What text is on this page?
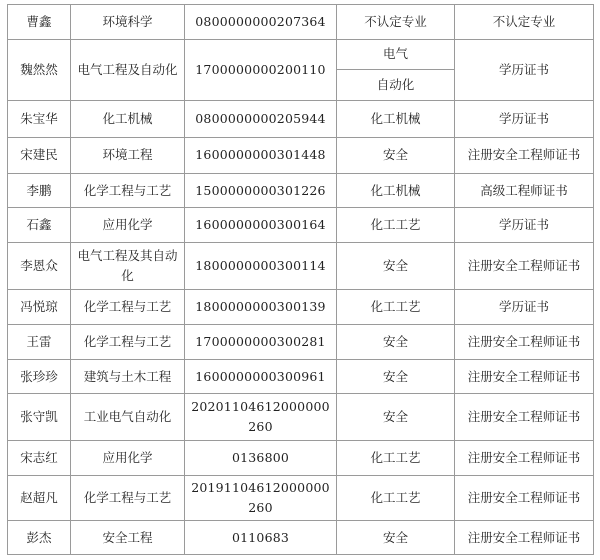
曹鑫	环境科学	0800000000207364	不认定专业	不认定专业
魏然然	电气工程及自动化	1700000000200110	电气	学历证书
			自动化	
朱宝华	化工机械	0800000000205944	化工机械	学历证书
宋建民	环境工程	1600000000301448	安全	注册安全工程师证书
李鹏	化学工程与工艺	1500000000301226	化工机械	高级工程师证书
石鑫	应用化学	1600000000300164	化工工艺	学历证书
李恩众	电气工程及其自动化	1800000000300114	安全	注册安全工程师证书
冯悦琼	化学工程与工艺	1800000000300139	化工工艺	学历证书
王雷	化学工程与工艺	1700000000300281	安全	注册安全工程师证书
张珍珍	建筑与土木工程	1600000000300961	安全	注册安全工程师证书
张守凯	工业电气自动化	20201104612000000260	安全	注册安全工程师证书
宋志红	应用化学	0136800	化工工艺	注册安全工程师证书
赵超凡	化学工程与工艺	20191104612000000260	化工工艺	注册安全工程师证书
彭杰	安全工程	0110683	安全	注册安全工程师证书
